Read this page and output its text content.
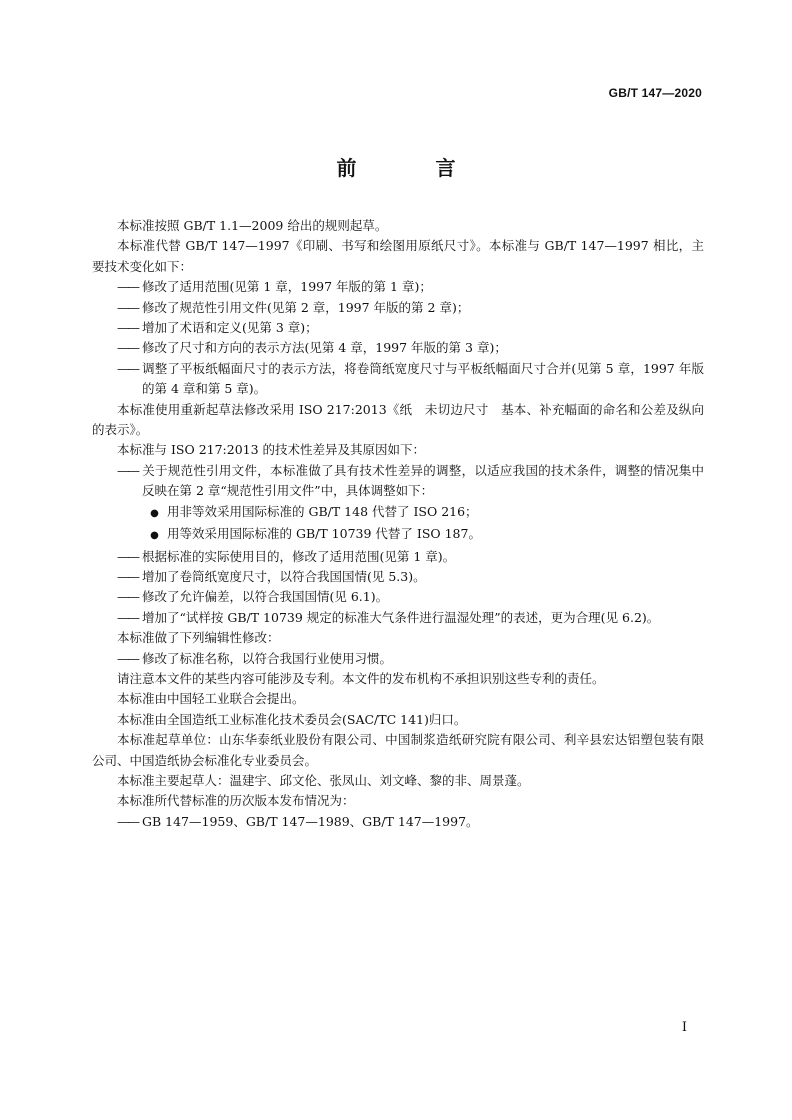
GB/T 147—2020
前 言

本标准按照 GB/T 1.1—2009 给出的规则起草。

本标准代替 GB/T 147—1997《印刷、书写和绘图用原纸尺寸》。本标准与 GB/T 147—1997 相比，主要技术变化如下：

—— 修改了适用范围(见第 1 章，1997 年版的第 1 章)；

—— 修改了规范性引用文件(见第 2 章，1997 年版的第 2 章)；

—— 增加了术语和定义(见第 3 章)；

—— 修改了尺寸和方向的表示方法(见第 4 章，1997 年版的第 3 章)；

—— 调整了平板纸幅面尺寸的表示方法，将卷筒纸宽度尺寸与平板纸幅面尺寸合并(见第 5 章，1997 年版的第 4 章和第 5 章)。

本标准使用重新起草法修改采用 ISO 217:2013《纸　未切边尺寸　基本、补充幅面的命名和公差及纵向的表示》。

本标准与 ISO 217:2013 的技术性差异及其原因如下：

—— 关于规范性引用文件，本标准做了具有技术性差异的调整，以适应我国的技术条件，调整的情况集中反映在第 2 章“规范性引用文件”中，具体调整如下：

● 用非等效采用国际标准的 GB/T 148 代替了 ISO 216；

● 用等效采用国际标准的 GB/T 10739 代替了 ISO 187。

—— 根据标准的实际使用目的，修改了适用范围(见第 1 章)。

—— 增加了卷筒纸宽度尺寸，以符合我国国情(见 5.3)。

—— 修改了允许偏差，以符合我国国情(见 6.1)。

—— 增加了“试样按 GB/T 10739 规定的标准大气条件进行温湿处理”的表述，更为合理(见 6.2)。

本标准做了下列编辑性修改：

—— 修改了标准名称，以符合我国行业使用习惯。

请注意本文件的某些内容可能涉及专利。本文件的发布机构不承担识别这些专利的责任。

本标准由中国轻工业联合会提出。

本标准由全国造纸工业标准化技术委员会(SAC/TC 141)归口。

本标准起草单位：山东华泰纸业股份有限公司、中国制浆造纸研究院有限公司、利辛县宏达铝塑包装有限公司、中国造纸协会标准化专业委员会。

本标准主要起草人：温建宇、邱文伦、张凤山、刘文峰、黎的非、周景蓬。

本标准所代替标准的历次版本发布情况为：

—— GB 147—1959、GB/T 147—1989、GB/T 147—1997。

I
